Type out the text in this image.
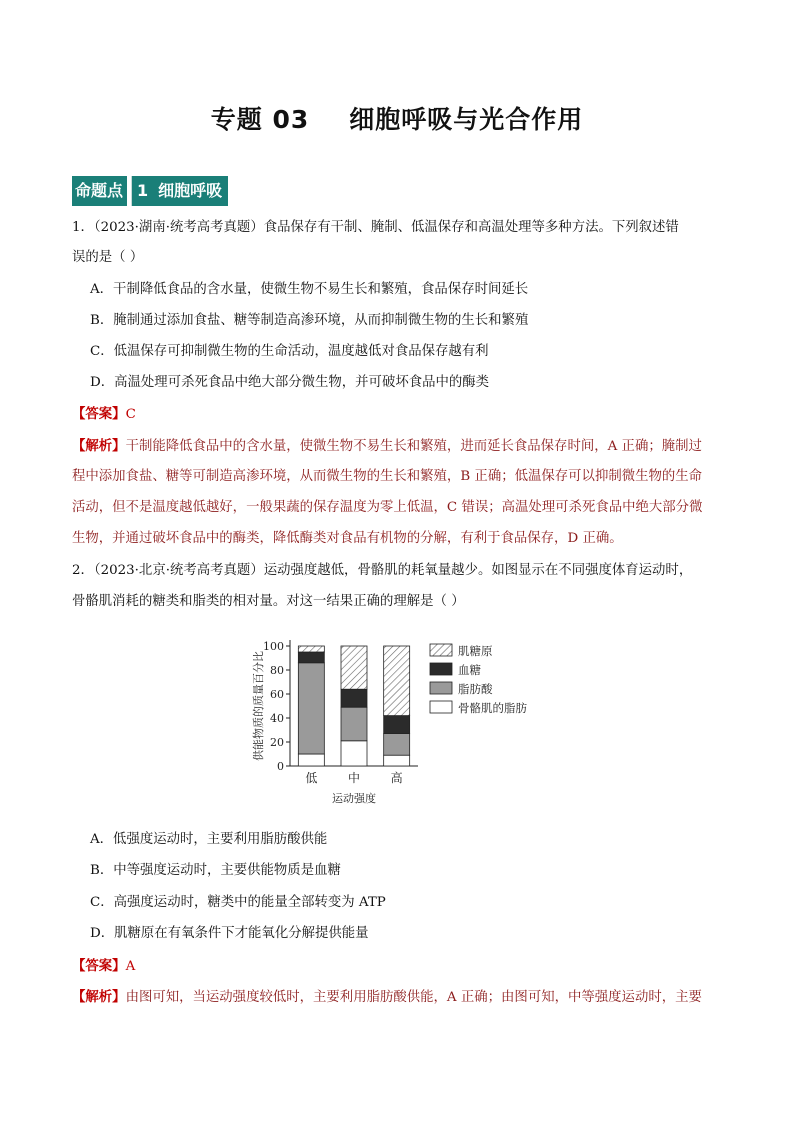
专题 03 细胞呼吸与光合作用
命题点 1 细胞呼吸
1．（2023·湖南·统考高考真题）食品保存有干制、腌制、低温保存和高温处理等多种方法。下列叙述错
误的是（ ）
A．干制降低食品的含水量，使微生物不易生长和繁殖，食品保存时间延长
B．腌制通过添加食盐、糖等制造高渗环境，从而抑制微生物的生长和繁殖
C．低温保存可抑制微生物的生命活动，温度越低对食品保存越有利
D．高温处理可杀死食品中绝大部分微生物，并可破坏食品中的酶类
【答案】C
【解析】干制能降低食品中的含水量，使微生物不易生长和繁殖，进而延长食品保存时间，A 正确；腌制过
程中添加食盐、糖等可制造高渗环境，从而微生物的生长和繁殖，B 正确；低温保存可以抑制微生物的生命
活动，但不是温度越低越好，一般果蔬的保存温度为零上低温，C 错误；高温处理可杀死食品中绝大部分微
生物，并通过破坏食品中的酶类，降低酶类对食品有机物的分解，有利于食品保存，D 正确。
2．（2023·北京·统考高考真题）运动强度越低，骨骼肌的耗氧量越少。如图显示在不同强度体育运动时，
骨骼肌消耗的糖类和脂类的相对量。对这一结果正确的理解是（ ）
0
20
40
60
80
100
供能物质的质量百分比
低	中	高
运动强度
肌糖原
血糖
脂肪酸
骨骼肌的脂肪
A．低强度运动时，主要利用脂肪酸供能
B．中等强度运动时，主要供能物质是血糖
C．高强度运动时，糖类中的能量全部转变为 ATP
D．肌糖原在有氧条件下才能氧化分解提供能量
【答案】A
【解析】由图可知，当运动强度较低时，主要利用脂肪酸供能，A 正确；由图可知，中等强度运动时，主要
